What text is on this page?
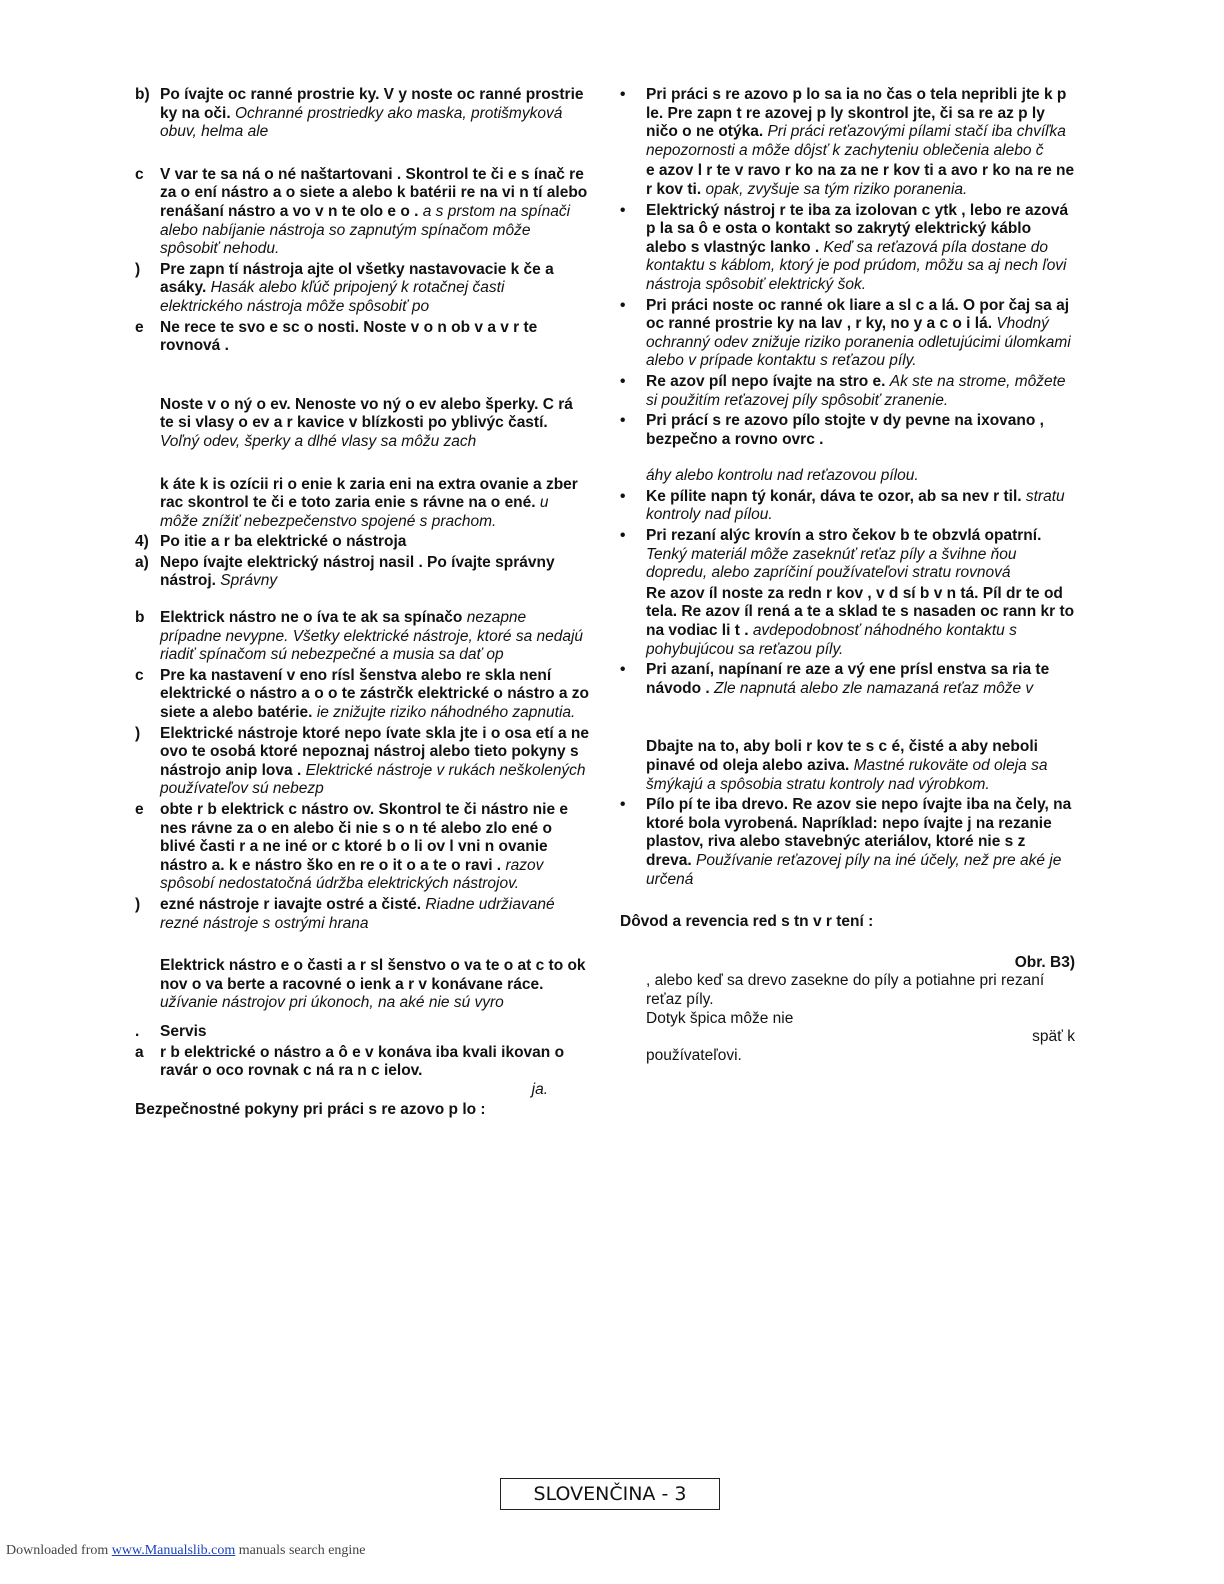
b) Po ívajte oc ranné prostrie ky. V y noste oc ranné prostrie ky na oči. Ochranné prostriedky ako maska, protišmyková obuv, helma ale
c V var te sa ná o né naštartovani . Skontrol te či e s ínač re za o ení nástro a o siete a alebo k batérii re na vi n tí alebo renášaní nástro a vo v n te olo e o . a s prstom na spínači alebo nabíjanie nástroja so zapnutým spínačom môže spôsobiť nehodu.
) Pre zapn tí nástroja ajte ol všetky nastavovacie k če a asáky. Hasák alebo kľúč pripojený k rotačnej časti elektrického nástroja môže spôsobiť po
e Ne rece te svo e sc o nosti. Noste v o n ob v a v r te rovnová .
Noste v o ný o ev. Nenoste vo ný o ev alebo šperky. C rá te si vlasy o ev a r kavice v blízkosti po yblivýc častí. Voľný odev, šperky a dlhé vlasy sa môžu zach
k áte k is ozícii ri o enie k zaria eni na extra ovanie a zber rac skontrol te či e toto zaria enie s rávne na o ené. u môže znížiť nebezpečenstvo spojené s prachom.
4) Po itie a r ba elektrické o nástroja
a) Nepo ívajte elektrický nástroj nasil . Po ívajte správny nástroj. Správny
b Elektrick nástro ne o íva te ak sa spínačo nezapne prípadne nevypne. Všetky elektrické nástroje, ktoré sa nedajú riadiť spínačom sú nebezpečné a musia sa dať op
c Pre ka nastavení v eno rísl šenstva alebo re skla není elektrické o nástro a o o te zástrčk elektrické o nástro a zo siete a alebo batérie. ie znižujte riziko náhodného zapnutia.
) Elektrické nástroje ktoré nepo ívate skla jte i o osa etí a ne ovo te osobá ktoré nepoznaj nástroj alebo tieto pokyny s nástrojo anip lova . Elektrické nástroje v rukách neškolených používateľov sú nebezp
e obte r b elektrick c nástro ov. Skontrol te či nástro nie e nes rávne za o en alebo či nie s o n té alebo zlo ené o blivé časti r a ne iné or c ktoré b o li ov l vni n ovanie nástro a. k e nástro ško en re o it o a te o ravi . razov spôsobí nedostatočná údržba elektrických nástrojov.
) ezné nástroje r iavajte ostré a čisté. Riadne udržiavané rezné nástroje s ostrými hrana
Elektrick nástro e o časti a r sl šenstvo o va te o at c to ok nov o va berte a racovné o ienk a r v konávane ráce. užívanie nástrojov pri úkonoch, na aké nie sú vyro
. Servis
a r b elektrické o nástro a ô e v konáva iba kvali ikovan o ravár o oco rovnak c ná ra n c ielov.
ja.
Bezpečnostné pokyny pri práci s re azovo p lo :
• Pri práci s re azovo p lo sa ia no čas o tela nepribli jte k p le. Pre zapn t re azovej p ly skontrol jte, či sa re az p ly ničo o ne otýka. Pri práci reťazovými pílami stačí iba chvíľka nepozornosti a môže dôjsť k zachyteniu oblečenia alebo č
e azov l r te v ravo r ko na za ne r kov ti a avo r ko na re ne r kov ti. opak, zvyšuje sa tým riziko poranenia.
• Elektrický nástroj r te iba za izolovan c ytk , lebo re azová p la sa ô e osta o kontakt so zakrytý elektrický káblo alebo s vlastnýc lanko . Keď sa reťazová píla dostane do kontaktu s káblom, ktorý je pod prúdom, môžu sa aj nech ľovi nástroja spôsobiť elektrický šok.
• Pri práci noste oc ranné ok liare a sl c a lá. O por čaj sa aj oc ranné prostrie ky na lav , r ky, no y a c o i lá. Vhodný ochranný odev znižuje riziko poranenia odletujúcimi úlomkami alebo v prípade kontaktu s reťazou píly.
• Re azov píl nepo ívajte na stro e. Ak ste na strome, môžete si použitím reťazovej píly spôsobiť zranenie.
• Pri prácí s re azovo pílo stojte v dy pevne na ixovano , bezpečno a rovno ovrc .
áhy alebo kontrolu nad reťazovou pílou.
• Ke pílite napn tý konár, dáva te ozor, ab sa nev r til. stratu kontroly nad pílou.
• Pri rezaní alýc krovín a stro čekov b te obzvlá opatrní. Tenký materiál môže zaseknúť reťaz píly a švihne ňou dopredu, alebo zapríčiní používateľovi stratu rovnová
Re azov íl noste za redn r kov , v d sí b v n tá. Píl dr te od tela. Re azov íl rená a te a sklad te s nasaden oc rann kr to na vodiac li t . avdepodobnosť náhodného kontaktu s pohybujúcou sa reťazou píly.
• Pri azaní, napínaní re aze a vý ene prísl enstva sa ria te návodo . Zle napnutá alebo zle namazaná reťaz môže v
Dbajte na to, aby boli r kov te s c é, čisté a aby neboli pinavé od oleja alebo aziva. Mastné rukoväte od oleja sa šmýkajú a spôsobia stratu kontroly nad výrobkom.
• Pílo pí te iba drevo. Re azov sie nepo ívajte iba na čely, na ktoré bola vyrobená. Napríklad: nepo ívajte j na rezanie plastov, riva alebo stavebnýc ateriálov, ktoré nie s z dreva. Používanie reťazovej píly na iné účely, než pre aké je určená
Dôvod a revencia red s tn v r tení :
Obr. B3)
, alebo keď sa drevo zasekne do píly a potiahne pri rezaní reťaz píly.
Dotyk špica môže nie
späť k
používateľovi.
SLOVENČINA - 3
Downloaded from www.Manualslib.com manuals search engine
